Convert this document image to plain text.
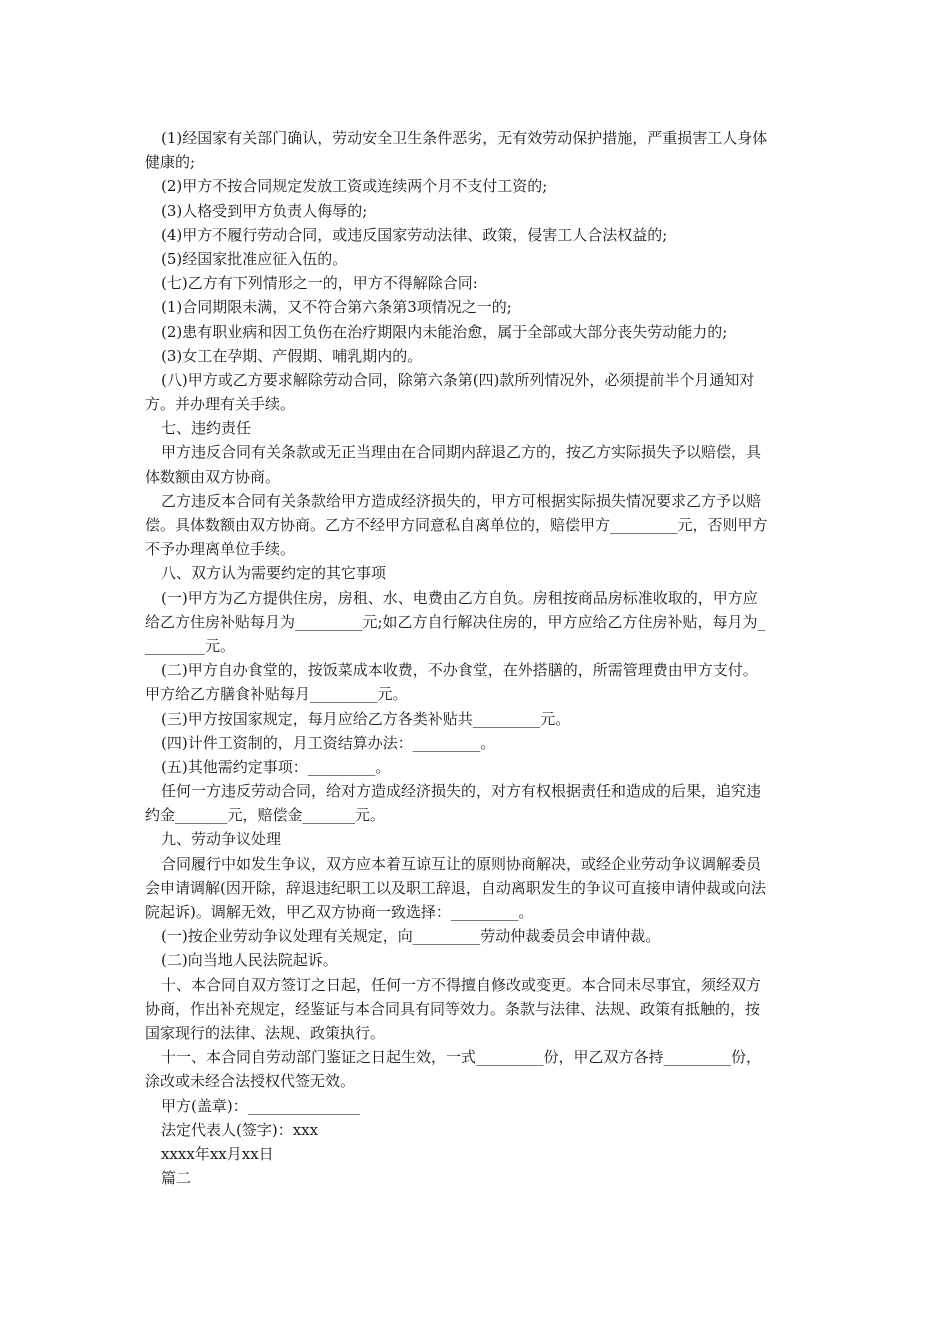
(1)经国家有关部门确认，劳动安全卫生条件恶劣，无有效劳动保护措施，严重损害工人身体

健康的;

(2)甲方不按合同规定发放工资或连续两个月不支付工资的;

(3)人格受到甲方负责人侮辱的;

(4)甲方不履行劳动合同，或违反国家劳动法律、政策，侵害工人合法权益的;

(5)经国家批准应征入伍的。

(七)乙方有下列情形之一的，甲方不得解除合同:

(1)合同期限未满，又不符合第六条第3项情况之一的;

(2)患有职业病和因工负伤在治疗期限内未能治愈，属于全部或大部分丧失劳动能力的;

(3)女工在孕期、产假期、哺乳期内的。

(八)甲方或乙方要求解除劳动合同，除第六条第(四)款所列情况外，必须提前半个月通知对

方。并办理有关手续。

七、违约责任

甲方违反合同有关条款或无正当理由在合同期内辞退乙方的，按乙方实际损失予以赔偿，具

体数额由双方协商。

乙方违反本合同有关条款给甲方造成经济损失的，甲方可根据实际损失情况要求乙方予以赔

偿。具体数额由双方协商。乙方不经甲方同意私自离单位的，赔偿甲方_________元，否则甲方

不予办理离单位手续。

八、双方认为需要约定的其它事项

(一)甲方为乙方提供住房，房租、水、电费由乙方自负。房租按商品房标准收取的，甲方应

给乙方住房补贴每月为_________元;如乙方自行解决住房的，甲方应给乙方住房补贴，每月为_

________元。

(二)甲方自办食堂的，按饭菜成本收费，不办食堂，在外搭膳的，所需管理费由甲方支付。

甲方给乙方膳食补贴每月_________元。

(三)甲方按国家规定，每月应给乙方各类补贴共_________元。

(四)计件工资制的，月工资结算办法：_________。

(五)其他需约定事项：_________。

任何一方违反劳动合同，给对方造成经济损失的，对方有权根据责任和造成的后果，追究违

约金_______元，赔偿金_______元。

九、劳动争议处理

合同履行中如发生争议，双方应本着互谅互让的原则协商解决，或经企业劳动争议调解委员

会申请调解(因开除，辞退违纪职工以及职工辞退，自动离职发生的争议可直接申请仲裁或向法

院起诉)。调解无效，甲乙双方协商一致选择：_________。

(一)按企业劳动争议处理有关规定，向_________劳动仲裁委员会申请仲裁。

(二)向当地人民法院起诉。

十、本合同自双方签订之日起，任何一方不得擅自修改或变更。本合同未尽事宜，须经双方

协商，作出补充规定，经鉴证与本合同具有同等效力。条款与法律、法规、政策有抵触的，按

国家现行的法律、法规、政策执行。

十一、本合同自劳动部门鉴证之日起生效，一式_________份，甲乙双方各持_________份，

涂改或未经合法授权代签无效。

甲方(盖章)：_______________

法定代表人(签字)：xxx

xxxx年xx月xx日

篇二
